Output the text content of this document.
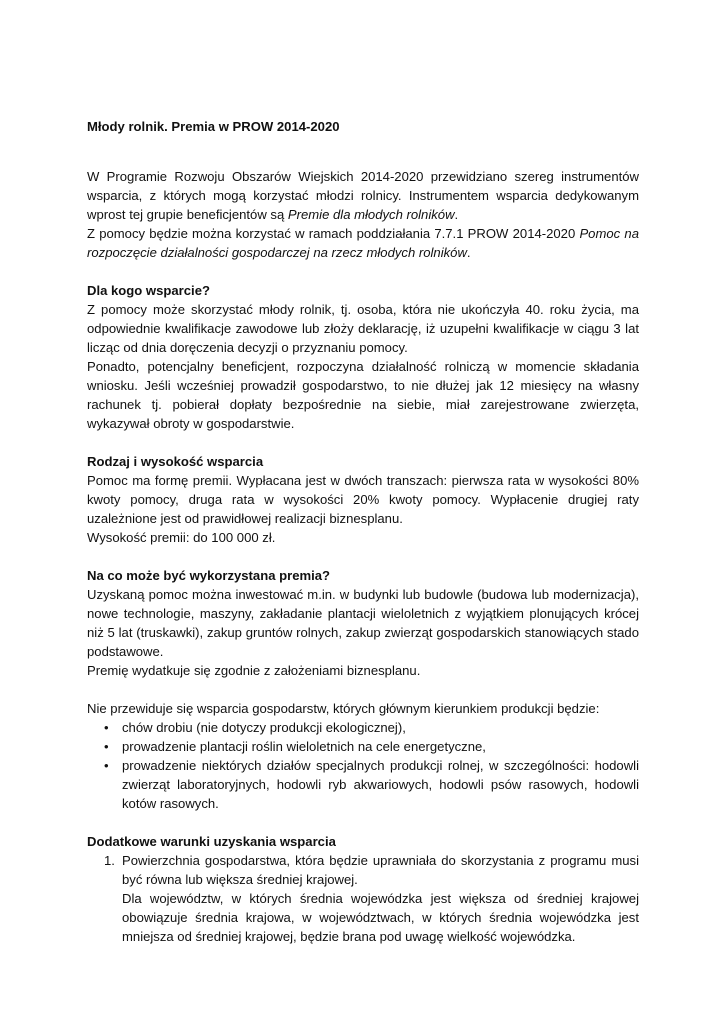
Młody rolnik. Premia w PROW 2014-2020

W Programie Rozwoju Obszarów Wiejskich 2014-2020 przewidziano szereg instrumentów wsparcia, z których mogą korzystać młodzi rolnicy. Instrumentem wsparcia dedykowanym wprost tej grupie beneficjentów są Premie dla młodych rolników.

Z pomocy będzie można korzystać w ramach poddziałania 7.7.1 PROW 2014-2020 Pomoc na rozpoczęcie działalności gospodarczej na rzecz młodych rolników.

Dla kogo wsparcie?

Z pomocy może skorzystać młody rolnik, tj. osoba, która nie ukończyła 40. roku życia, ma odpowiednie kwalifikacje zawodowe lub złoży deklarację, iż uzupełni kwalifikacje w ciągu 3 lat licząc od dnia doręczenia decyzji o przyznaniu pomocy.

Ponadto, potencjalny beneficjent, rozpoczyna działalność rolniczą w momencie składania wniosku. Jeśli wcześniej prowadził gospodarstwo, to nie dłużej jak 12 miesięcy na własny rachunek tj. pobierał dopłaty bezpośrednie na siebie, miał zarejestrowane zwierzęta, wykazywał obroty w gospodarstwie.

Rodzaj i wysokość wsparcia

Pomoc ma formę premii. Wypłacana jest w dwóch transzach: pierwsza rata w wysokości 80% kwoty pomocy, druga rata w wysokości 20% kwoty pomocy. Wypłacenie drugiej raty uzależnione jest od prawidłowej realizacji biznesplanu.

Wysokość premii: do 100 000 zł.

Na co może być wykorzystana premia?

Uzyskaną pomoc można inwestować m.in. w budynki lub budowle (budowa lub modernizacja), nowe technologie, maszyny, zakładanie plantacji wieloletnich z wyjątkiem plonujących krócej niż 5 lat (truskawki), zakup gruntów rolnych, zakup zwierząt gospodarskich stanowiących stado podstawowe.

Premię wydatkuje się zgodnie z założeniami biznesplanu.

Nie przewiduje się wsparcia gospodarstw, których głównym kierunkiem produkcji będzie:

• chów drobiu (nie dotyczy produkcji ekologicznej),
• prowadzenie plantacji roślin wieloletnich na cele energetyczne,
• prowadzenie niektórych działów specjalnych produkcji rolnej, w szczególności: hodowli zwierząt laboratoryjnych, hodowli ryb akwariowych, hodowli psów rasowych, hodowli kotów rasowych.
Dodatkowe warunki uzyskania wsparcia
1. Powierzchnia gospodarstwa, która będzie uprawniała do skorzystania z programu musi być równa lub większa średniej krajowej.

Dla województw, w których średnia wojewódzka jest większa od średniej krajowej obowiązuje średnia krajowa, w województwach, w których średnia wojewódzka jest mniejsza od średniej krajowej, będzie brana pod uwagę wielkość wojewódzka.
